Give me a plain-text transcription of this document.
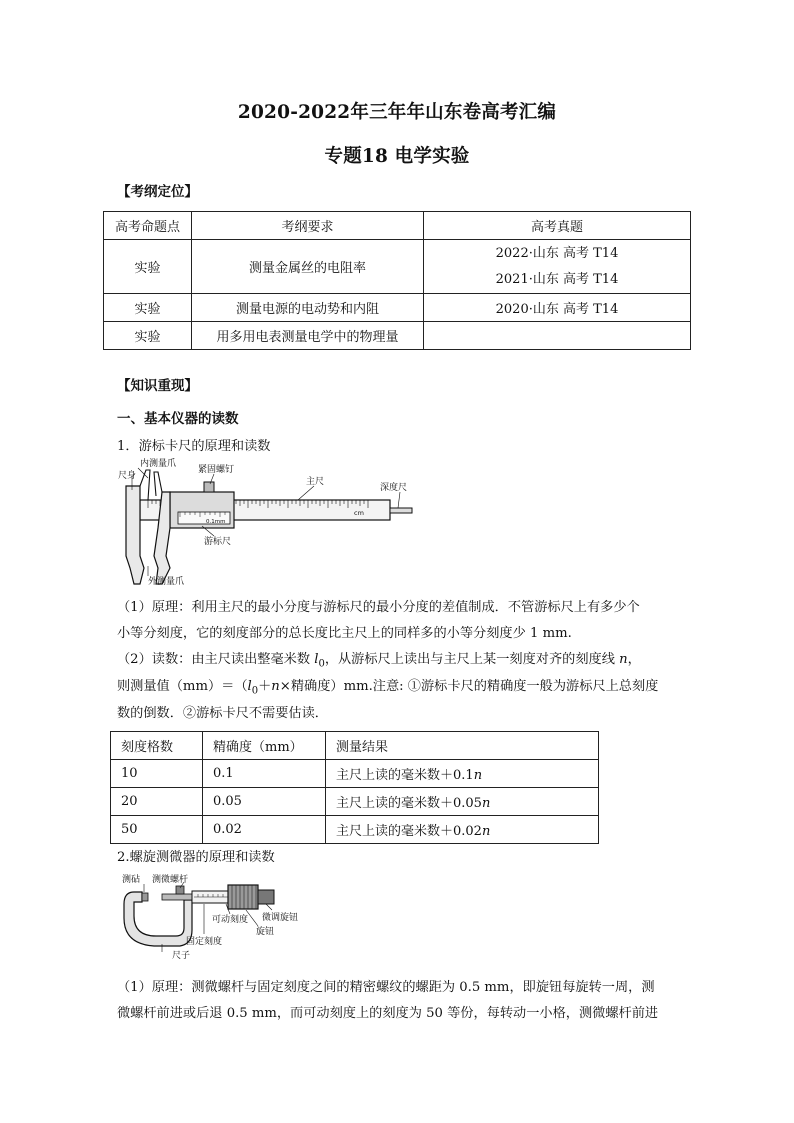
2020-2022年三年年山东卷高考汇编
专题18 电学实验
【考纲定位】
高考命题点	考纲要求	高考真题
实验	测量金属丝的电阻率	2022·山东 高考 T14
2021·山东 高考 T14

实验	测量电源的电动势和内阻	2020·山东 高考 T14
实验	用多用电表测量电学中的物理量	
【知识重现】
一、基本仪器的读数
1．游标卡尺的原理和读数
cm
0.1mm
内测量爪
尺身
紧固螺钉
主尺
深度尺
游标尺
外测量爪
（1）原理：利用主尺的最小分度与游标尺的最小分度的差值制成．不管游标尺上有多少个
小等分刻度，它的刻度部分的总长度比主尺上的同样多的小等分刻度少 1 mm.
（2）读数：由主尺读出整毫米数 $l_0$，从游标尺上读出与主尺上某一刻度对齐的刻度线 n，
则测量值$(mm)=(l_0+n\times$精确度）mm.注意: ①游标卡尺的精确度一般为游标尺上总刻度
数的倒数．②游标卡尺不需要估读．
刻度格数	精确度（mm）	测量结果
10	0.1	主尺上读的毫米数＋0.1n
20	0.05	主尺上读的毫米数＋0.05n
50	0.02	主尺上读的毫米数＋0.02n
2.螺旋测微器的原理和读数
测砧 测微螺杆
可动刻度
固定刻度
尺子
微调旋钮
旋钮
（1）原理：测微螺杆与固定刻度之间的精密螺纹的螺距为 0.5 mm，即旋钮每旋转一周，测
微螺杆前进或后退 0.5 mm，而可动刻度上的刻度为 50 等份，每转动一小格，测微螺杆前进
